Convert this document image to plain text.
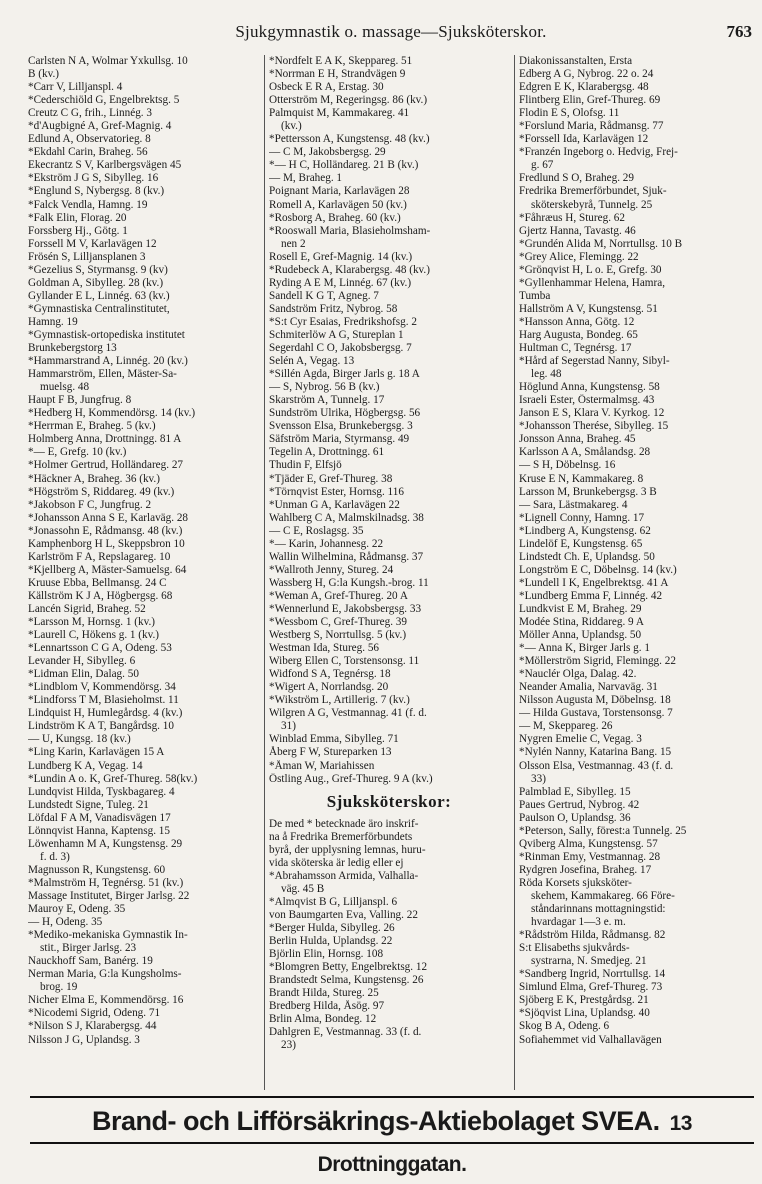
Sjukgymnastik o. massage—Sjuksköterskor.	763
Carlsten N A, Wolmar Yxkullsg. 10
B (kv.)
*Carr V, Lilljanspl. 4
*Cederschiöld G, Engelbrektsg. 5
Creutz C G, frih., Linnég. 3
*d'Augbigné A, Gref-Magnig. 4
Edlund A, Observatorieg. 8
*Ekdahl Carin, Braheg. 56
Ekecrantz S V, Karlbergsvägen 45
*Ekström J G S, Sibylleg. 16
*Englund S, Nybergsg. 8 (kv.)
*Falck Vendla, Hamng. 19
*Falk Elin, Florag. 20
Forssberg Hj., Götg. 1
Forssell M V, Karlavägen 12
Frösén S, Lilljansplanen 3
*Gezelius S, Styrmansg. 9 (kv)
Goldman A, Sibylleg. 28 (kv.)
Gyllander E L, Linnég. 63 (kv.)
*Gymnastiska Centralinstitutet,
Hamng. 19
*Gymnastisk-ortopediska institutet
Brunkebergstorg 13
*Hammarstrand A, Linnég. 20 (kv.)
Hammarström, Ellen, Mäster-Sa-
muelsg. 48
Haupt F B, Jungfrug. 8
*Hedberg H, Kommendörsg. 14 (kv.)
*Herrman E, Braheg. 5 (kv.)
Holmberg Anna, Drottningg. 81 A
*— E, Grefg. 10 (kv.)
*Holmer Gertrud, Holländareg. 27
*Häckner A, Braheg. 36 (kv.)
*Högström S, Riddareg. 49 (kv.)
*Jakobson F C, Jungfrug. 2
*Johansson Anna S E, Karlaväg. 28
*Jonassohn E, Rådmansg. 48 (kv.)
Kamphenborg H L, Skeppsbron 10
Karlström F A, Repslagareg. 10
*Kjellberg A, Mäster-Samuelsg. 64
Kruuse Ebba, Bellmansg. 24 C
Källström K J A, Högbergsg. 68
Lancén Sigrid, Braheg. 52
*Larsson M, Hornsg. 1 (kv.)
*Laurell C, Hökens g. 1 (kv.)
*Lennartsson C G A, Odeng. 53
Levander H, Sibylleg. 6
*Lidman Elin, Dalag. 50
*Lindblom V, Kommendörsg. 34
*Lindforss T M, Blasieholmst. 11
Lindquist H, Humlegårdsg. 4 (kv.)
Lindström K A T, Bangårdsg. 10
— U, Kungsg. 18 (kv.)
*Ling Karin, Karlavägen 15 A
Lundberg K A, Vegag. 14
*Lundin A o. K, Gref-Thureg. 58(kv.)
Lundqvist Hilda, Tyskbagareg. 4
Lundstedt Signe, Tuleg. 21
Löfdal F A M, Vanadisvägen 17
Lönnqvist Hanna, Kaptensg. 15
Löwenhamn M A, Kungstensg. 29
f. d. 3)
Magnusson R, Kungstensg. 60
*Malmström H, Tegnérsg. 51 (kv.)
Massage Institutet, Birger Jarlsg. 22
Mauroy E, Odeng. 35
— H, Odeng. 35
*Mediko-mekaniska Gymnastik In-
stit., Birger Jarlsg. 23
Nauckhoff Sam, Banérg. 19
Nerman Maria, G:la Kungsholms-
brog. 19
Nicher Elma E, Kommendörsg. 16
*Nicodemi Sigrid, Odeng. 71
*Nilson S J, Klarabergsg. 44
Nilsson J G, Uplandsg. 3
*Nordfelt E A K, Skeppareg. 51
*Norrman E H, Strandvägen 9
Osbeck E R A, Erstag. 30
Otterström M, Regeringsg. 86 (kv.)
Palmquist M, Kammakareg. 41
(kv.)
*Pettersson A, Kungstensg. 48 (kv.)
— C M, Jakobsbergsg. 29
*— H C, Holländareg. 21 B (kv.)
— M, Braheg. 1
Poignant Maria, Karlavägen 28
Romell A, Karlavägen 50 (kv.)
*Rosborg A, Braheg. 60 (kv.)
*Rooswall Maria, Blasieholmsham-
nen 2
Rosell E, Gref-Magnig. 14 (kv.)
*Rudebeck A, Klarabergsg. 48 (kv.)
Ryding A E M, Linnég. 67 (kv.)
Sandell K G T, Agneg. 7
Sandström Fritz, Nybrog. 58
*S:t Cyr Esaias, Fredrikshofsg. 2
Schmiterlöw A G, Stureplan 1
Segerdahl C O, Jakobsbergsg. 7
Selén A, Vegag. 13
*Sillén Agda, Birger Jarls g. 18 A
— S, Nybrog. 56 B (kv.)
Skarström A, Tunnelg. 17
Sundström Ulrika, Högbergsg. 56
Svensson Elsa, Brunkebergsg. 3
Säfström Maria, Styrmansg. 49
Tegelin A, Drottningg. 61
Thudin F, Elfsjö
*Tjäder E, Gref-Thureg. 38
*Törnqvist Ester, Hornsg. 116
*Unman G A, Karlavägen 22
Wahlberg C A, Malmskilnadsg. 38
— C E, Roslagsg. 35
*— Karin, Johannesg. 22
Wallin Wilhelmina, Rådmansg. 37
*Wallroth Jenny, Stureg. 24
Wassberg H, G:la Kungsh.-brog. 11
*Weman A, Gref-Thureg. 20 A
*Wennerlund E, Jakobsbergsg. 33
*Wessbom C, Gref-Thureg. 39
Westberg S, Norrtullsg. 5 (kv.)
Westman Ida, Stureg. 56
Wiberg Ellen C, Torstensonsg. 11
Widfond S A, Tegnérsg. 18
*Wigert A, Norrlandsg. 20
*Wikström L, Artillerig. 7 (kv.)
Wilgren A G, Vestmannag. 41 (f. d.
31)
Winblad Emma, Sibylleg. 71
Åberg F W, Stureparken 13
*Åman W, Mariahissen
Östling Aug., Gref-Thureg. 9 A (kv.)
Sjuksköterskor:
De med * betecknade äro inskrif-
na å Fredrika Bremerförbundets
byrå, der upplysning lemnas, huru-
vida sköterska är ledig eller ej
*Abrahamsson Armida, Valhalla-
väg. 45 B
*Almqvist B G, Lilljanspl. 6
von Baumgarten Eva, Valling. 22
*Berger Hulda, Sibylleg. 26
Berlin Hulda, Uplandsg. 22
Björlin Elin, Hornsg. 108
*Blomgren Betty, Engelbrektsg. 12
Brandstedt Selma, Kungstensg. 26
Brandt Hilda, Stureg. 25
Bredberg Hilda, Åsög. 97
Brlin Alma, Bondeg. 12
Dahlgren E, Vestmannag. 33 (f. d.
23)
Diakonissanstalten, Ersta
Edberg A G, Nybrog. 22 o. 24
Edgren E K, Klarabergsg. 48
Flintberg Elin, Gref-Thureg. 69
Flodin E S, Olofsg. 11
*Forslund Maria, Rådmansg. 77
*Forssell Ida, Karlavägen 12
*Franzén Ingeborg o. Hedvig, Frej-
g. 67
Fredlund S O, Braheg. 29
Fredrika Bremerförbundet, Sjuk-
sköterskebyrå, Tunnelg. 25
*Fåhræus H, Stureg. 62
Gjertz Hanna, Tavastg. 46
*Grundén Alida M, Norrtullsg. 10 B
*Grey Alice, Flemingg. 22
*Grönqvist H, L o. E, Grefg. 30
*Gyllenhammar Helena, Hamra,
Tumba
Hallström A V, Kungstensg. 51
*Hansson Anna, Götg. 12
Harg Augusta, Bondeg. 65
Hultman C, Tegnérsg. 17
*Hård af Segerstad Nanny, Sibyl-
leg. 48
Höglund Anna, Kungstensg. 58
Israeli Ester, Östermalmsg. 43
Janson E S, Klara V. Kyrkog. 12
*Johansson Therése, Sibylleg. 15
Jonsson Anna, Braheg. 45
Karlsson A A, Smålandsg. 28
— S H, Döbelnsg. 16
Kruse E N, Kammakareg. 8
Larsson M, Brunkebergsg. 3 B
— Sara, Lästmakareg. 4
*Lignell Conny, Hamng. 17
*Lindberg A, Kungstensg. 62
Lindelöf E, Kungstensg. 65
Lindstedt Ch. E, Uplandsg. 50
Longström E C, Döbelnsg. 14 (kv.)
*Lundell I K, Engelbrektsg. 41 A
*Lundberg Emma F, Linnég. 42
Lundkvist E M, Braheg. 29
Modée Stina, Riddareg. 9 A
Möller Anna, Uplandsg. 50
*— Anna K, Birger Jarls g. 1
*Möllerström Sigrid, Flemingg. 22
*Nauclér Olga, Dalag. 42.
Neander Amalia, Narvaväg. 31
Nilsson Augusta M, Döbelnsg. 18
— Hilda Gustava, Torstensonsg. 7
— M, Skeppareg. 26
Nygren Emelie C, Vegag. 3
*Nylén Nanny, Katarina Bang. 15
Olsson Elsa, Vestmannag. 43 (f. d.
33)
Palmblad E, Sibylleg. 15
Paues Gertrud, Nybrog. 42
Paulson O, Uplandsg. 36
*Peterson, Sally, förest:a Tunnelg. 25
Qviberg Alma, Kungstensg. 57
*Rinman Emy, Vestmannag. 28
Rydgren Josefina, Braheg. 17
Röda Korsets sjuksköter-
skehem, Kammakareg. 66 Före-
ståndarinnans mottagningstid:
hvardagar 1—3 e. m.
*Rådström Hilda, Rådmansg. 82
S:t Elisabeths sjukvårds-
systrarna, N. Smedjeg. 21
*Sandberg Ingrid, Norrtullsg. 14
Simlund Elma, Gref-Thureg. 73
Sjöberg E K, Prestgårdsg. 21
*Sjöqvist Lina, Uplandsg. 40
Skog B A, Odeng. 6
Sofiahemmet vid Valhallavägen
Brand- och Lifförsäkrings-Aktiebolaget SVEA. 13 Drottninggatan.
